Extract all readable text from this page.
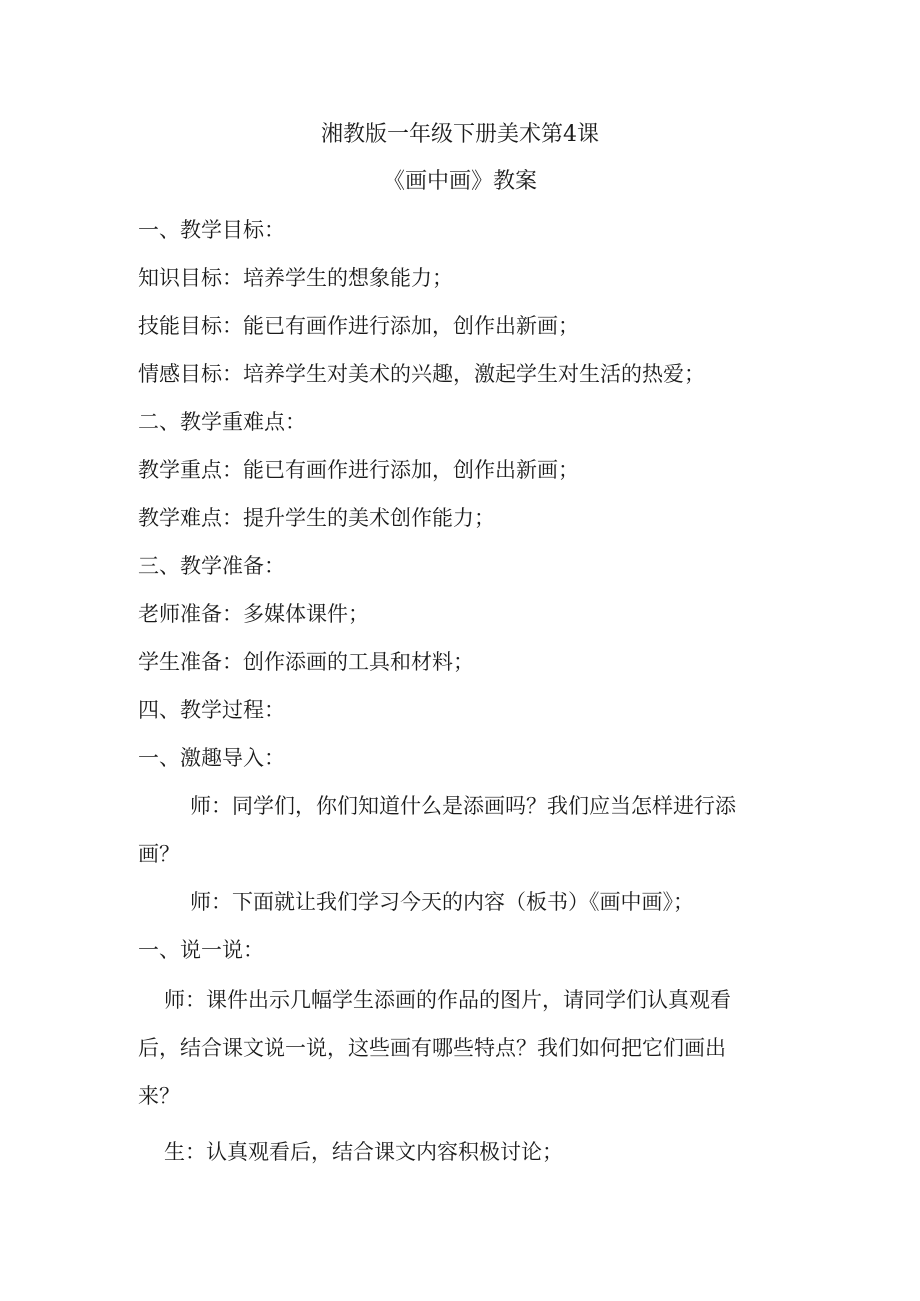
湘教版一年级下册美术第4课
《画中画》教案
一、教学目标：
知识目标：培养学生的想象能力；
技能目标：能已有画作进行添加，创作出新画；
情感目标：培养学生对美术的兴趣，激起学生对生活的热爱；
二、教学重难点：
教学重点：能已有画作进行添加，创作出新画；
教学难点：提升学生的美术创作能力；
三、教学准备：
老师准备：多媒体课件；
学生准备：创作添画的工具和材料；
四、教学过程：
一、激趣导入：
师：同学们，你们知道什么是添画吗？我们应当怎样进行添
画？
师：下面就让我们学习今天的内容（板书）《画中画》；
一、说一说：
师：课件出示几幅学生添画的作品的图片，请同学们认真观看
后，结合课文说一说，这些画有哪些特点？我们如何把它们画出
来？
生：认真观看后，结合课文内容积极讨论；
